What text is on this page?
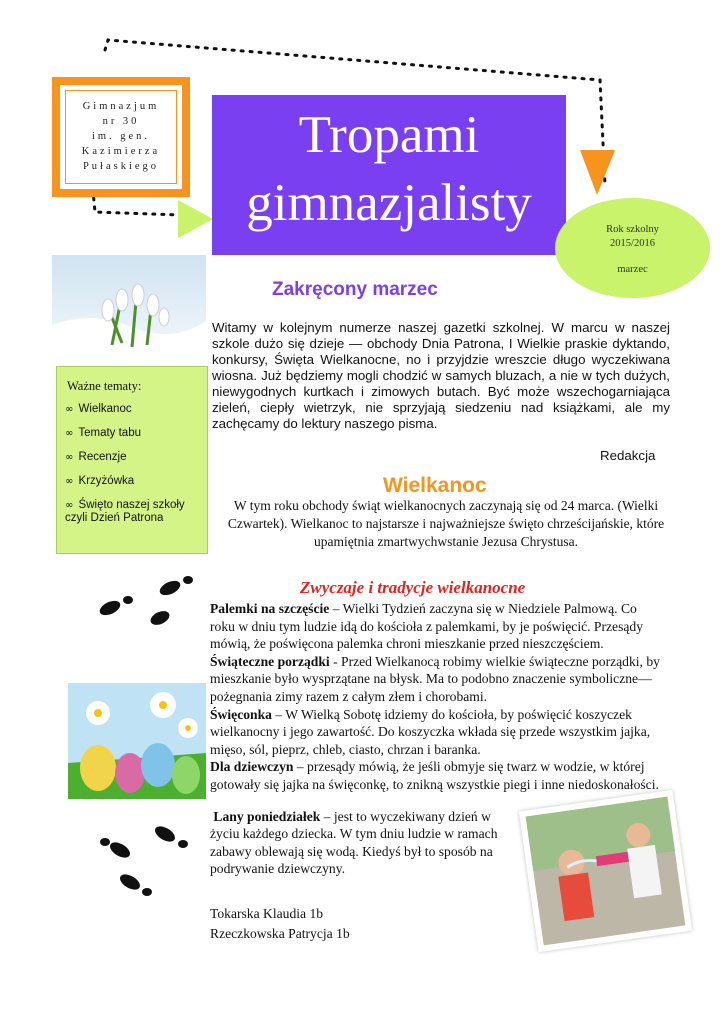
Gimnazjum
nr 30
im. gen.
Kazimierza
Pułaskiego
Tropami
gimnazjalisty	Rok szkolny
2015/2016
marzec
Ważne tematy:
∞ Wielkanoc
∞ Tematy tabu
∞ Recenzje
∞ Krzyżówka
∞ Święto naszej szkoły czyli Dzień Patrona
Zakręcony marzec
Witamy w kolejnym numerze naszej gazetki szkolnej. W marcu w naszej szkole dużo się dzieje — obchody Dnia Patrona, I Wielkie praskie dyktando, konkursy, Święta Wielkanocne, no i przyjdzie wreszcie długo wyczekiwana wiosna. Już będziemy mogli chodzić w samych bluzach, a nie w tych dużych, niewygodnych kurtkach i zimowych butach. Być może wszechogarniająca zieleń, ciepły wietrzyk, nie sprzyjają siedzeniu nad książkami, ale my zachęcamy do lektury naszego pisma.
Redakcja
Wielkanoc
W tym roku obchody świąt wielkanocnych zaczynają się od 24 marca. (Wielki Czwartek). Wielkanoc to najstarsze i najważniejsze święto chrześcijańskie, które upamiętnia zmartwychwstanie Jezusa Chrystusa.
Zwyczaje i tradycje wielkanocne

Palemki na szczęście – Wielki Tydzień zaczyna się w Niedziele Palmową. Co roku w dniu tym ludzie idą do kościoła z palemkami, by je poświęcić. Przesądy mówią, że poświęcona palemka chroni mieszkanie przed nieszczęściem.

Świąteczne porządki - Przed Wielkanocą robimy wielkie świąteczne porządki, by mieszkanie było wysprzątane na błysk. Ma to podobno znaczenie symboliczne—pożegnania zimy razem z całym złem i chorobami.

Święconka – W Wielką Sobotę idziemy do kościoła, by poświęcić koszyczek wielkanocny i jego zawartość. Do koszyczka wkłada się przede wszystkim jajka, mięso, sól, pieprz, chleb, ciasto, chrzan i baranka.

Dla dziewczyn – przesądy mówią, że jeśli obmyje się twarz w wodzie, w której gotowały się jajka na święconkę, to znikną wszystkie piegi i inne niedoskonałości.

Lany poniedziałek – jest to wyczekiwany dzień w życiu każdego dziecka. W tym dniu ludzie w ramach zabawy oblewają się wodą. Kiedyś był to sposób na podrywanie dziewczyny.

Tokarska Klaudia 1b
Rzeczkowska Patrycja 1b
